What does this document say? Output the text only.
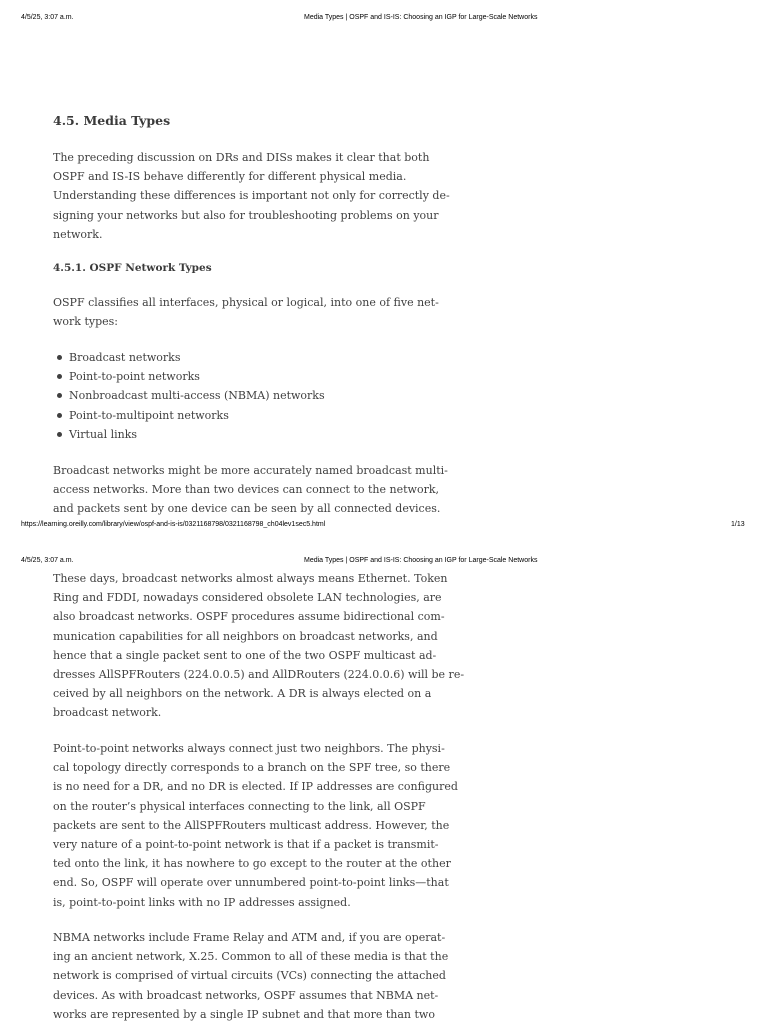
4/5/25, 3:07 a.m.	Media Types | OSPF and IS-IS: Choosing an IGP for Large-Scale Networks
4.5. Media Types
The preceding discussion on DRs and DISs makes it clear that both
OSPF and IS-IS behave differently for different physical media.
Understanding these differences is important not only for correctly de-
signing your networks but also for troubleshooting problems on your
network.
4.5.1. OSPF Network Types
OSPF classifies all interfaces, physical or logical, into one of five net-
work types:
Broadcast networks
Point-to-point networks
Nonbroadcast multi-access (NBMA) networks
Point-to-multipoint networks
Virtual links
Broadcast networks might be more accurately named broadcast multi-
access networks. More than two devices can connect to the network,
and packets sent by one device can be seen by all connected devices.
https://learning.oreilly.com/library/view/ospf-and-is-is/0321168798/0321168798_ch04lev1sec5.html	1/13
4/5/25, 3:07 a.m.	Media Types | OSPF and IS-IS: Choosing an IGP for Large-Scale Networks
These days, broadcast networks almost always means Ethernet. Token
Ring and FDDI, nowadays considered obsolete LAN technologies, are
also broadcast networks. OSPF procedures assume bidirectional com-
munication capabilities for all neighbors on broadcast networks, and
hence that a single packet sent to one of the two OSPF multicast ad-
dresses AllSPFRouters (224.0.0.5) and AllDRouters (224.0.0.6) will be re-
ceived by all neighbors on the network. A DR is always elected on a
broadcast network.
Point-to-point networks always connect just two neighbors. The physi-
cal topology directly corresponds to a branch on the SPF tree, so there
is no need for a DR, and no DR is elected. If IP addresses are configured
on the router’s physical interfaces connecting to the link, all OSPF
packets are sent to the AllSPFRouters multicast address. However, the
very nature of a point-to-point network is that if a packet is transmit-
ted onto the link, it has nowhere to go except to the router at the other
end. So, OSPF will operate over unnumbered point-to-point links—that
is, point-to-point links with no IP addresses assigned.
NBMA networks include Frame Relay and ATM and, if you are operat-
ing an ancient network, X.25. Common to all of these media is that the
network is comprised of virtual circuits (VCs) connecting the attached
devices. As with broadcast networks, OSPF assumes that NBMA net-
works are represented by a single IP subnet and that more than two
